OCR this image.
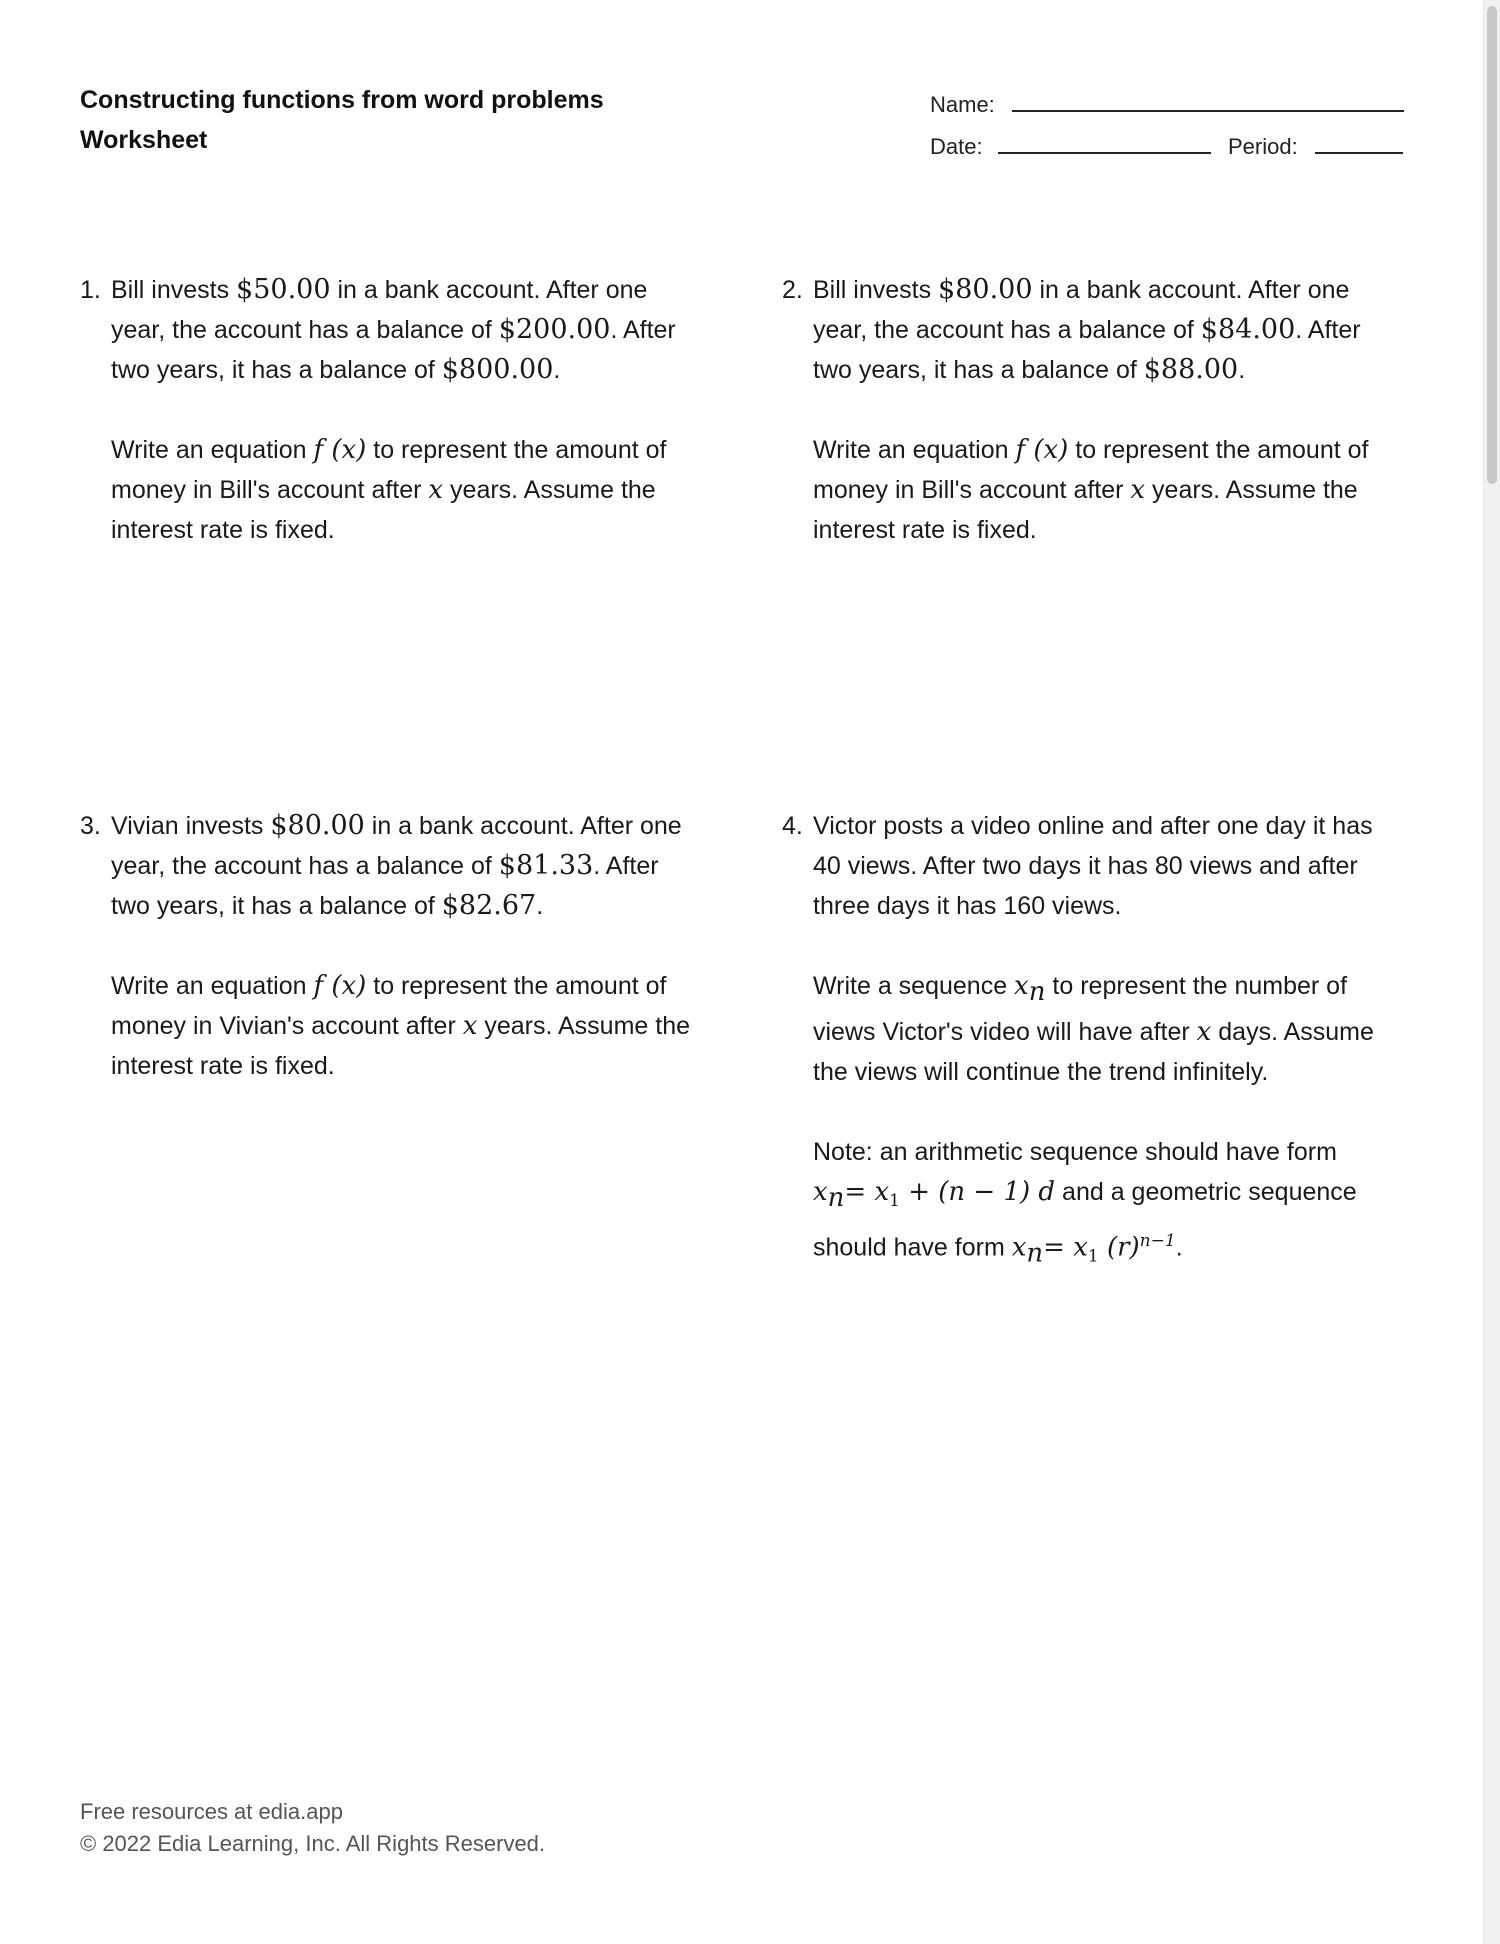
Constructing functions from word problems
Worksheet
Name:
Date:	Period:
1. Bill invests $50.00 in a bank account. After one year, the account has a balance of $200.00. After two years, it has a balance of $800.00.

Write an equation f (x) to represent the amount of money in Bill's account after x years. Assume the interest rate is fixed.

2. Bill invests $80.00 in a bank account. After one year, the account has a balance of $84.00. After two years, it has a balance of $88.00.

Write an equation f (x) to represent the amount of money in Bill's account after x years. Assume the interest rate is fixed.

3. Vivian invests $80.00 in a bank account. After one year, the account has a balance of $81.33. After two years, it has a balance of $82.67.

Write an equation f (x) to represent the amount of money in Vivian's account after x years. Assume the interest rate is fixed.

4. Victor posts a video online and after one day it has 40 views. After two days it has 80 views and after three days it has 160 views.

Write a sequence $x_n$ to represent the number of views Victor's video will have after x days. Assume the views will continue the trend infinitely.

Note: an arithmetic sequence should have form
$x_n= x_1 + (n - 1)$ d and a geometric sequence should have form $x_n= x_1$ $(r)^{n-1}$.

Free resources at edia.app
© 2022 Edia Learning, Inc. All Rights Reserved.
